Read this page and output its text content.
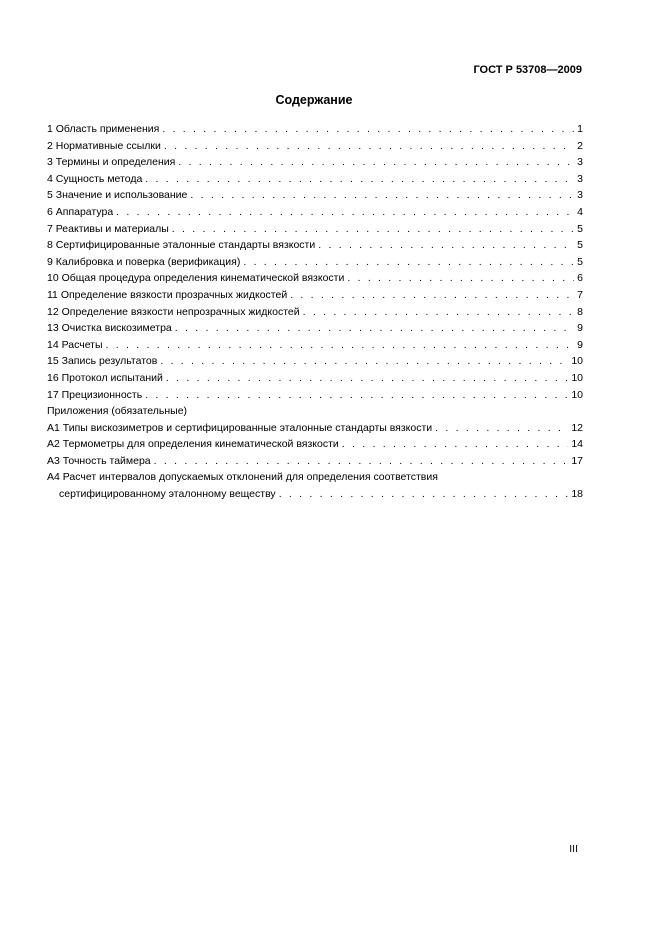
ГОСТ Р 53708—2009
Содержание
1 Область применения . . .	1
2 Нормативные ссылки . . .	2
3 Термины и определения . . .	3
4 Сущность метода . . .	3
5 Значение и использование . . .	3
6 Аппаратура . . .	4
7 Реактивы и материалы . . .	5
8 Сертифицированные эталонные стандарты вязкости . . .	5
9 Калибровка и поверка (верификация) . . .	5
10 Общая процедура определения кинематической вязкости . . .	6
11 Определение вязкости прозрачных жидкостей . . .	7
12 Определение вязкости непрозрачных жидкостей . . .	8
13 Очистка вискозиметра . . .	9
14 Расчеты . . .	9
15 Запись результатов . . .	10
16 Протокол испытаний . . .	10
17 Прецизионность . . .	10
Приложения (обязательные)
А1 Типы вискозиметров и сертифицированные эталонные стандарты вязкости . . .	12
А2 Термометры для определения кинематической вязкости . . .	14
А3 Точность таймера . . .	17
А4 Расчет интервалов допускаемых отклонений для определения соответствия
сертифицированному эталонному веществу . . .	18
III
